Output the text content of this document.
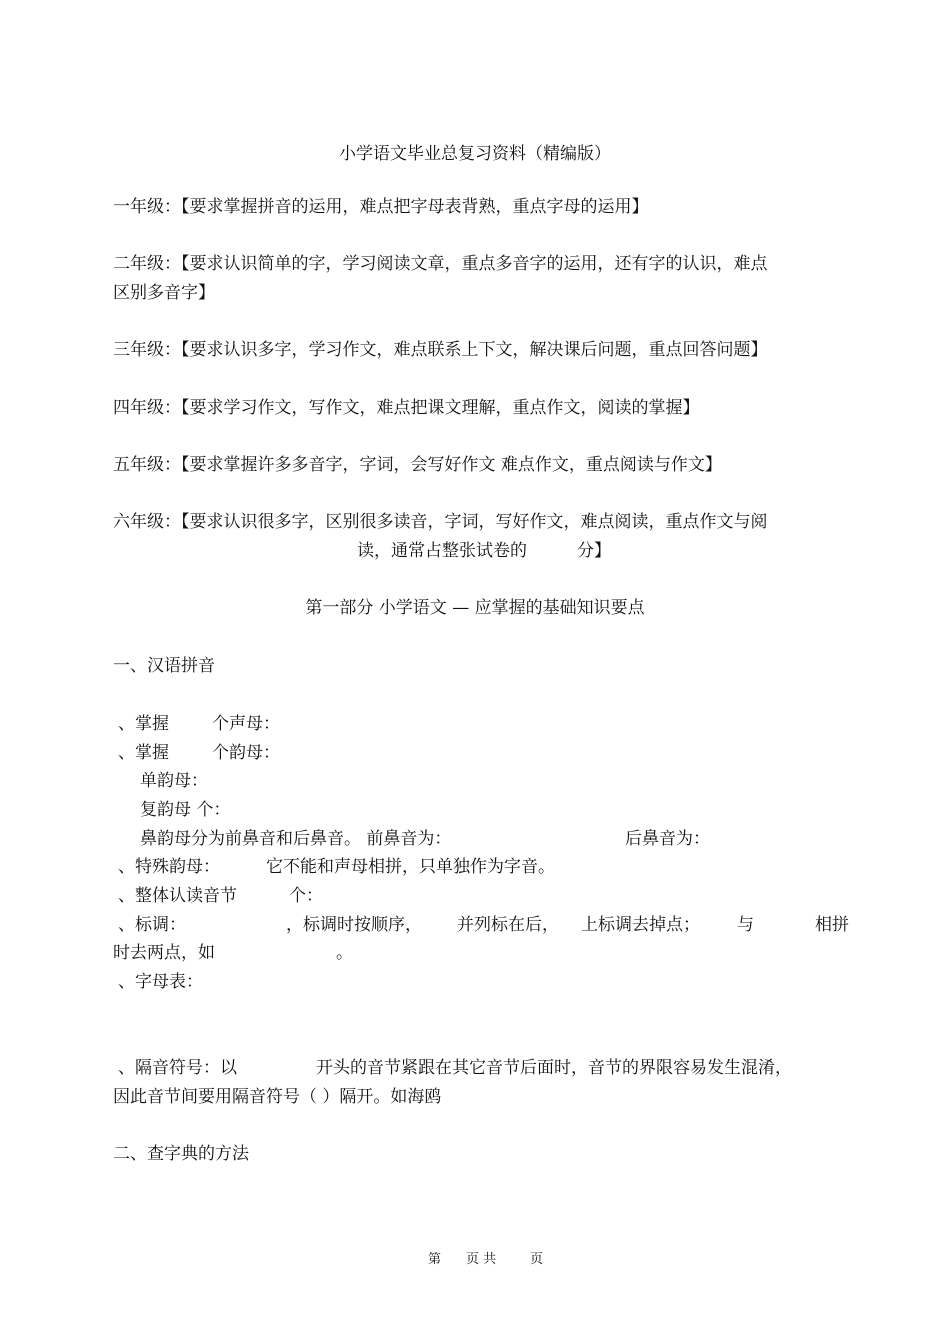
小学语文毕业总复习资料（精编版）
一年级：【要求掌握拼音的运用，难点把字母表背熟，重点字母的运用】
二年级：【要求认识简单的字，学习阅读文章，重点多音字的运用，还有字的认识，难点
区别多音字】
三年级：【要求认识多字，学习作文，难点联系上下文，解决课后问题，重点回答问题】
四年级：【要求学习作文，写作文，难点把课文理解，重点作文，阅读的掌握】
五年级：【要求掌握许多多音字，字词，会写好作文 难点作文，重点阅读与作文】
六年级：【要求认识很多字，区别很多读音，字词，写好作文，难点阅读，重点作文与阅
读，通常占整张试卷的	分】
第一部分 小学语文 — 应掌握的基础知识要点
一、汉语拼音
、掌握	个声母：
、掌握	个韵母：
单韵母：
复韵母 个：
鼻韵母分为前鼻音和后鼻音。 前鼻音为：	后鼻音为：
、特殊韵母：	它不能和声母相拼，只单独作为字音。
、整体认读音节	个：
、标调：	，标调时按顺序， 并列标在后， 上标调去掉点； 与	相拼
时去两点，如	。
、字母表：
、隔音符号：以	开头的音节紧跟在其它音节后面时，音节的界限容易发生混淆，
因此音节间要用隔音符号（ ）隔开。如海鸥
二、查字典的方法
第 页 共	页
